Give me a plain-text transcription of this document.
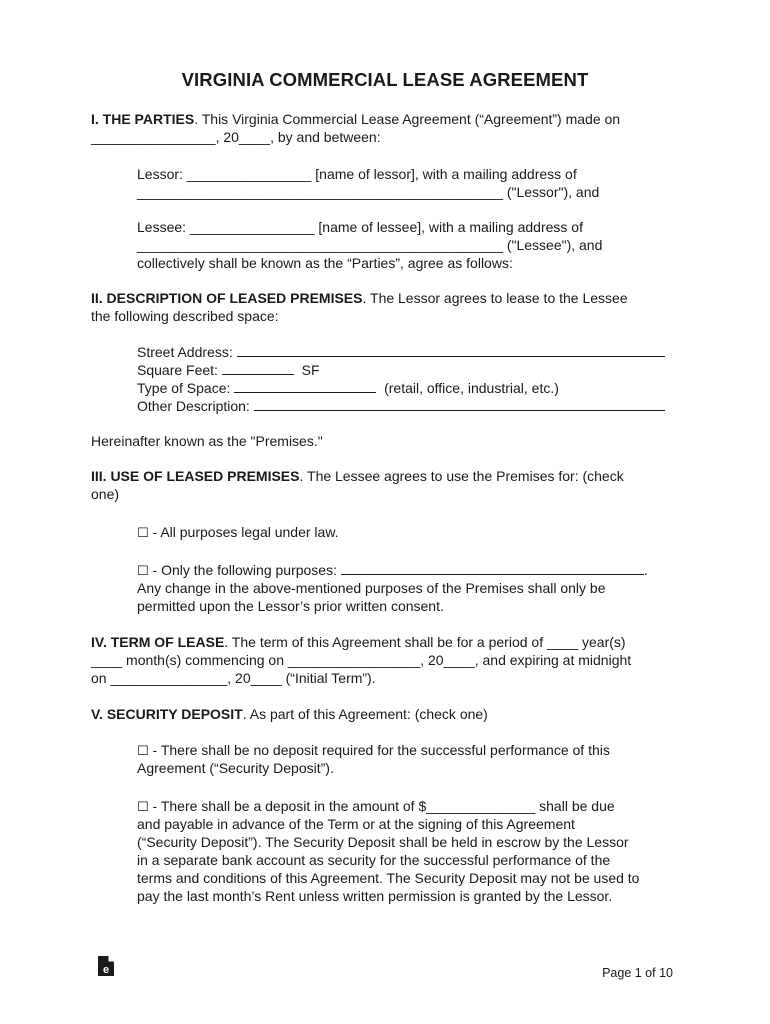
VIRGINIA COMMERCIAL LEASE AGREEMENT
I. THE PARTIES. This Virginia Commercial Lease Agreement (“Agreement”) made on
________________, 20____, by and between:
Lessor: ________________ [name of lessor], with a mailing address of
_______________________________________________ ("Lessor"), and
Lessee: ________________ [name of lessee], with a mailing address of
_______________________________________________ ("Lessee"), and
collectively shall be known as the “Parties”, agree as follows:
II. DESCRIPTION OF LEASED PREMISES. The Lessor agrees to lease to the Lessee
the following described space:
Street Address:
Square Feet:	SF
Type of Space:	(retail, office, industrial, etc.)
Other Description:
Hereinafter known as the "Premises."
III. USE OF LEASED PREMISES. The Lessee agrees to use the Premises for: (check
one)
☐ - All purposes legal under law.
☐ - Only the following purposes:	.
Any change in the above-mentioned purposes of the Premises shall only be
permitted upon the Lessor’s prior written consent.
IV. TERM OF LEASE. The term of this Agreement shall be for a period of ____ year(s)
____ month(s) commencing on _________________, 20____, and expiring at midnight
on _______________, 20____ (“Initial Term”).
V. SECURITY DEPOSIT. As part of this Agreement: (check one)
☐ - There shall be no deposit required for the successful performance of this
Agreement (“Security Deposit”).
☐ - There shall be a deposit in the amount of $______________ shall be due
and payable in advance of the Term or at the signing of this Agreement
(“Security Deposit”). The Security Deposit shall be held in escrow by the Lessor
in a separate bank account as security for the successful performance of the
terms and conditions of this Agreement. The Security Deposit may not be used to
pay the last month’s Rent unless written permission is granted by the Lessor.
e	Page 1 of 10
